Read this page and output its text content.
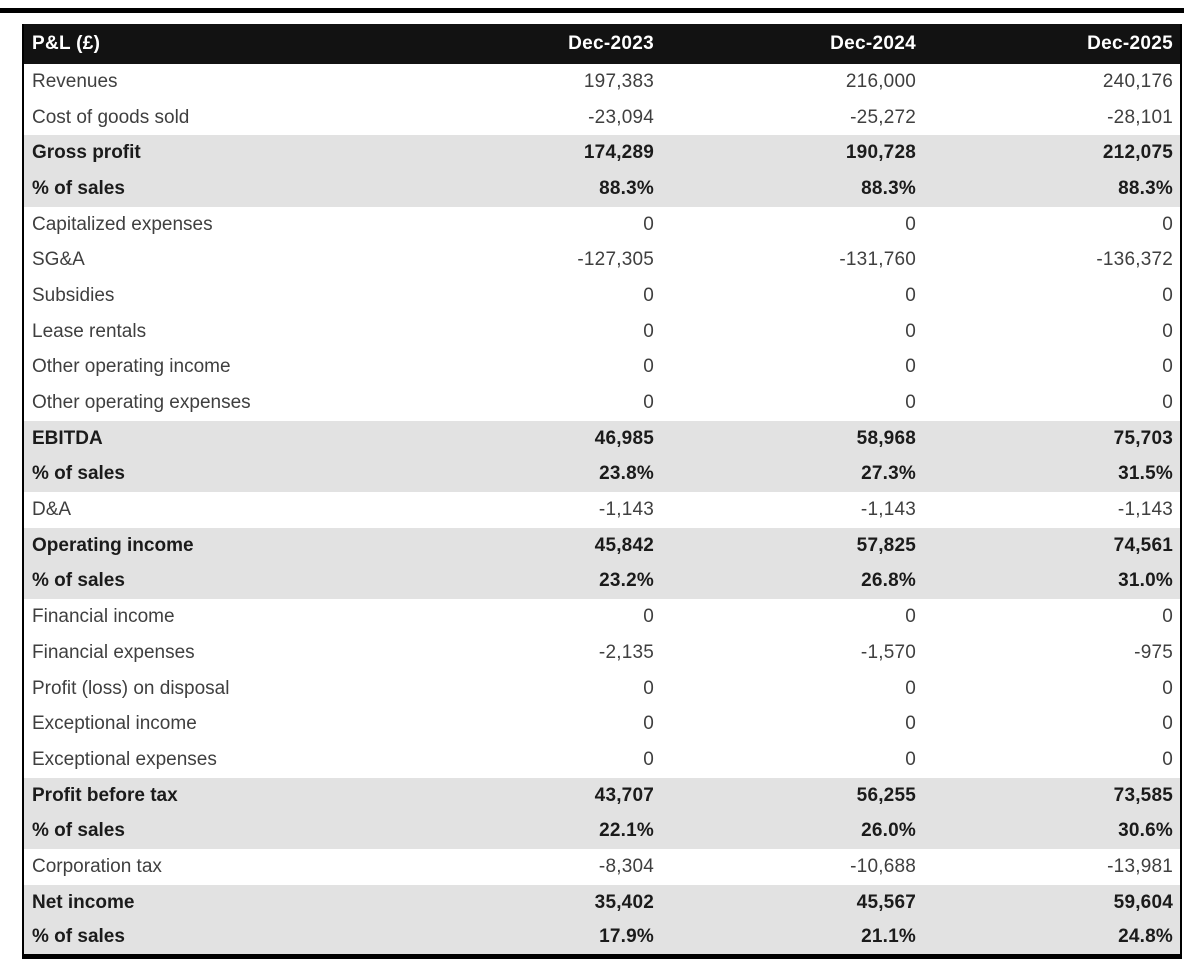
P&L (£)	Dec-2023	Dec-2024	Dec-2025
Revenues	197,383	216,000	240,176
Cost of goods sold	-23,094	-25,272	-28,101
Gross profit	174,289	190,728	212,075
% of sales	88.3%	88.3%	88.3%
Capitalized expenses	0	0	0
SG&A	-127,305	-131,760	-136,372
Subsidies	0	0	0
Lease rentals	0	0	0
Other operating income	0	0	0
Other operating expenses	0	0	0
EBITDA	46,985	58,968	75,703
% of sales	23.8%	27.3%	31.5%
D&A	-1,143	-1,143	-1,143
Operating income	45,842	57,825	74,561
% of sales	23.2%	26.8%	31.0%
Financial income	0	0	0
Financial expenses	-2,135	-1,570	-975
Profit (loss) on disposal	0	0	0
Exceptional income	0	0	0
Exceptional expenses	0	0	0
Profit before tax	43,707	56,255	73,585
% of sales	22.1%	26.0%	30.6%
Corporation tax	-8,304	-10,688	-13,981
Net income	35,402	45,567	59,604
% of sales	17.9%	21.1%	24.8%
